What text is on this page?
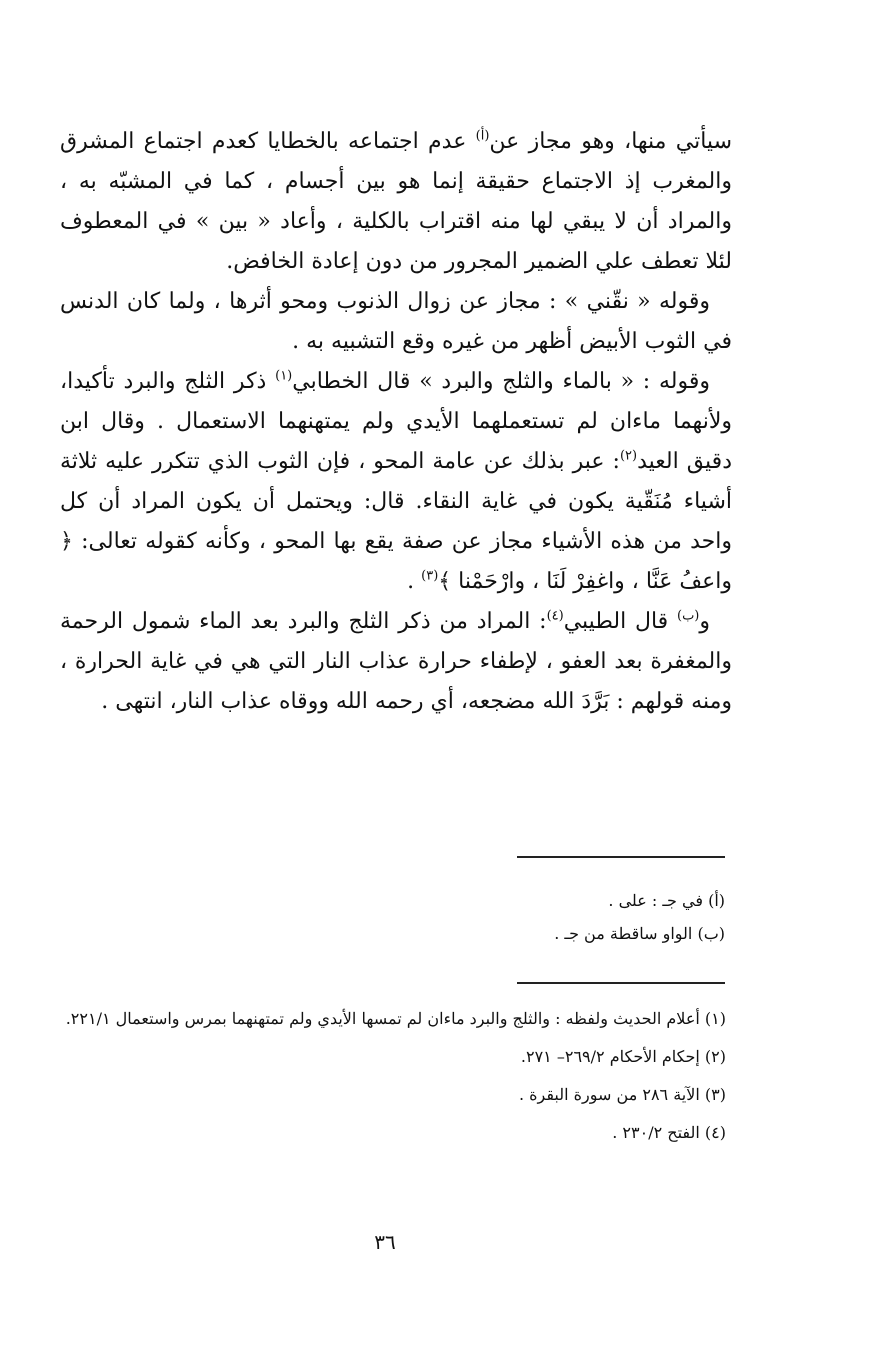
سيأتي منها، وهو مجاز عن$^{(أ)}$ عدم اجتماعه بالخطايا كعدم اجتماع المشرق والمغرب إذ الاجتماع حقيقة إنما هو بين أجسام ، كما في المشبّه به ، والمراد أن لا يبقي لها منه اقتراب بالكلية ، وأعاد « بين » في المعطوف لئلا تعطف علي الضمير المجرور من دون إعادة الخافض.

وقوله « نقّني » : مجاز عن زوال الذنوب ومحو أثرها ، ولما كان الدنس في الثوب الأبيض أظهر من غيره وقع التشبيه به .

وقوله : « بالماء والثلج والبرد » قال الخطابي$^{(١)}$ ذكر الثلج والبرد تأكيدا، ولأنهما ماءان لم تستعملهما الأيدي ولم يمتهنهما الاستعمال . وقال ابن دقيق العيد$^{(٢)}$: عبر بذلك عن عامة المحو ، فإن الثوب الذي تتكرر عليه ثلاثة أشياء مُنَقّية يكون في غاية النقاء. قال: ويحتمل أن يكون المراد أن كل واحد من هذه الأشياء مجاز عن صفة يقع بها المحو ، وكأنه كقوله تعالى: ﴿ واعفُ عَنَّا ، واغفِرْ لَنَا ، وارْحَمْنا ﴾$^{(٣)}$ .

و$^{(ب)}$ قال الطيبي$^{(٤)}$: المراد من ذكر الثلج والبرد بعد الماء شمول الرحمة والمغفرة بعد العفو ، لإطفاء حرارة عذاب النار التي هي في غاية الحرارة ، ومنه قولهم : بَرَّدَ الله مضجعه، أي رحمه الله ووقاه عذاب النار، انتهى .

(أ) في جـ : على .

(ب) الواو ساقطة من جـ .

(١) أعلام الحديث ولفظه : والثلج والبرد ماءان لم تمسها الأيدي ولم تمتهنهما بمرس واستعمال ٢٢١/١.

(٢) إحكام الأحكام ٢٦٩/٢– ٢٧١.

(٣) الآية ٢٨٦ من سورة البقرة .

(٤) الفتح ٢٣٠/٢ .

٣٦
